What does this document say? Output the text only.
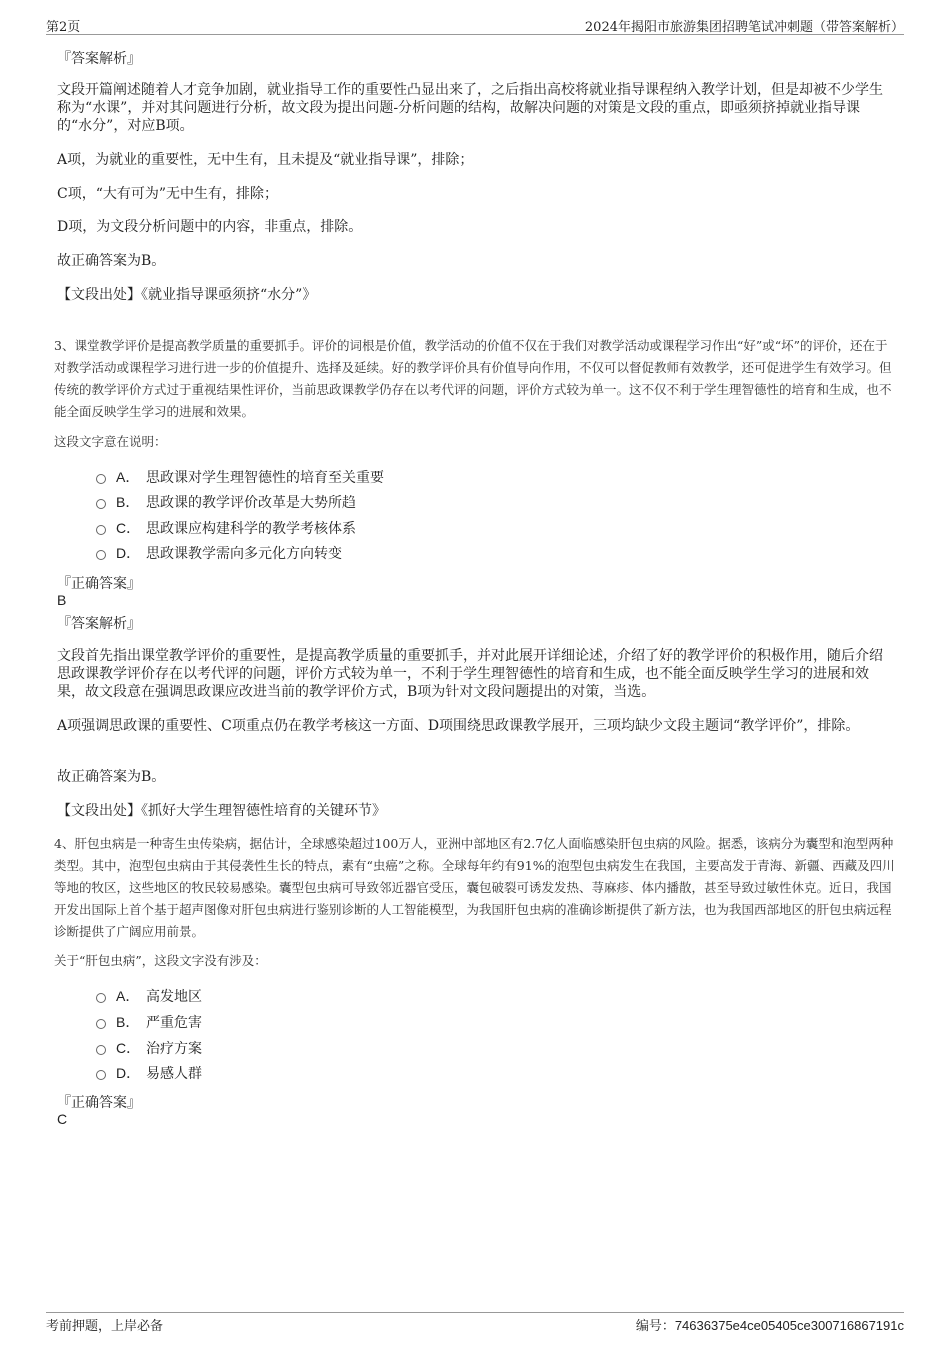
第2页	2024年揭阳市旅游集团招聘笔试冲刺题（带答案解析）
『答案解析』
文段开篇阐述随着人才竞争加剧，就业指导工作的重要性凸显出来了，之后指出高校将就业指导课程纳入教学计划，但是却被不少学生称为“水课”，并对其问题进行分析，故文段为提出问题-分析问题的结构，故解决问题的对策是文段的重点，即亟须挤掉就业指导课的“水分”，对应B项。
A项，为就业的重要性，无中生有，且未提及“就业指导课”，排除；
C项，“大有可为”无中生有，排除；
D项，为文段分析问题中的内容，非重点，排除。
故正确答案为B。
【文段出处】《就业指导课亟须挤“水分”》
3、课堂教学评价是提高教学质量的重要抓手。评价的词根是价值，教学活动的价值不仅在于我们对教学活动或课程学习作出“好”或“坏”的评价，还在于对教学活动或课程学习进行进一步的价值提升、选择及延续。好的教学评价具有价值导向作用，不仅可以督促教师有效教学，还可促进学生有效学习。但传统的教学评价方式过于重视结果性评价，当前思政课教学仍存在以考代评的问题，评价方式较为单一。这不仅不利于学生理智德性的培育和生成，也不能全面反映学生学习的进展和效果。
这段文字意在说明：
A． 思政课对学生理智德性的培育至关重要
B． 思政课的教学评价改革是大势所趋
C． 思政课应构建科学的教学考核体系
D． 思政课教学需向多元化方向转变
『正确答案』
B
『答案解析』
文段首先指出课堂教学评价的重要性，是提高教学质量的重要抓手，并对此展开详细论述，介绍了好的教学评价的积极作用，随后介绍思政课教学评价存在以考代评的问题，评价方式较为单一，不利于学生理智德性的培育和生成，也不能全面反映学生学习的进展和效果，故文段意在强调思政课应改进当前的教学评价方式，B项为针对文段问题提出的对策，当选。
A项强调思政课的重要性、C项重点仍在教学考核这一方面、D项围绕思政课教学展开，三项均缺少文段主题词“教学评价”，排除。
故正确答案为B。
【文段出处】《抓好大学生理智德性培育的关键环节》
4、肝包虫病是一种寄生虫传染病，据估计，全球感染超过100万人，亚洲中部地区有2.7亿人面临感染肝包虫病的风险。据悉，该病分为囊型和泡型两种类型。其中，泡型包虫病由于其侵袭性生长的特点，素有“虫癌”之称。全球每年约有91%的泡型包虫病发生在我国，主要高发于青海、新疆、西藏及四川等地的牧区，这些地区的牧民较易感染。囊型包虫病可导致邻近器官受压，囊包破裂可诱发发热、荨麻疹、体内播散，甚至导致过敏性休克。近日，我国开发出国际上首个基于超声图像对肝包虫病进行鉴别诊断的人工智能模型，为我国肝包虫病的准确诊断提供了新方法，也为我国西部地区的肝包虫病远程诊断提供了广阔应用前景。
关于“肝包虫病”，这段文字没有涉及：
A． 高发地区
B． 严重危害
C． 治疗方案
D． 易感人群
『正确答案』
C
考前押题，上岸必备	编号：74636375e4ce05405ce300716867191c
